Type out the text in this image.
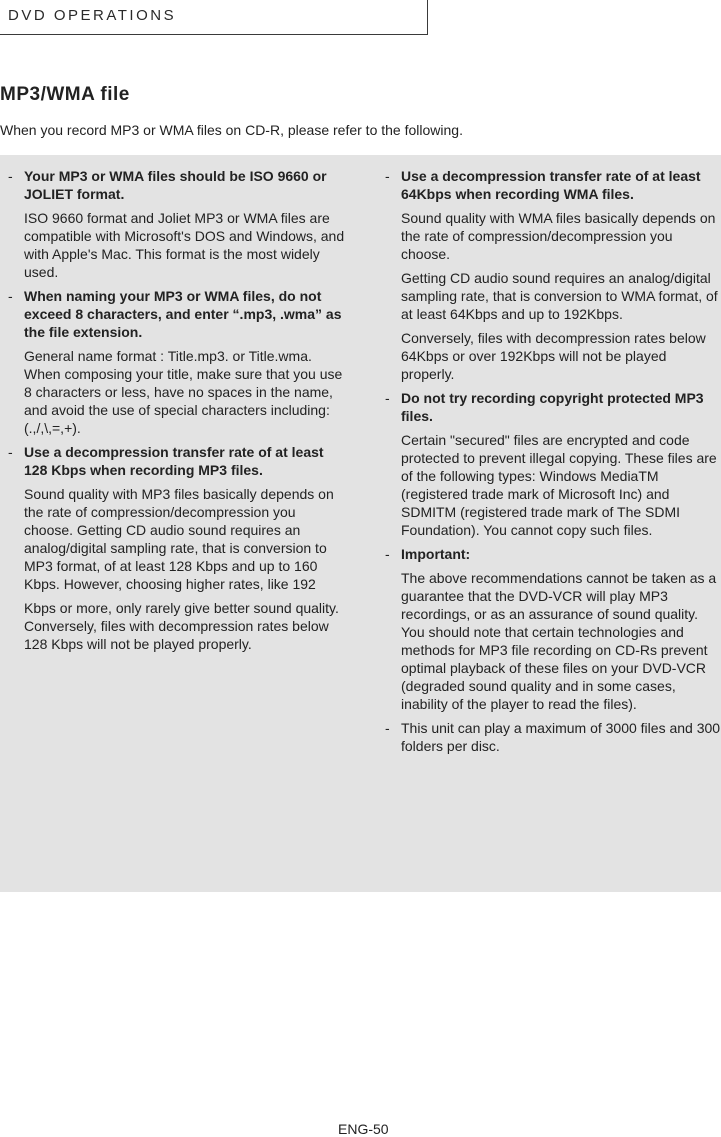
DVD OPERATIONS
MP3/WMA file
When you record MP3 or WMA files on CD-R, please refer to the following.
- Your MP3 or WMA files should be ISO 9660 or JOLIET format.
ISO 9660 format and Joliet MP3 or WMA files are compatible with Microsoft's DOS and Windows, and with Apple's Mac. This format is the most widely used.
- When naming your MP3 or WMA files, do not exceed 8 characters, and enter “.mp3, .wma” as the file extension.
General name format : Title.mp3. or Title.wma. When composing your title, make sure that you use 8 characters or less, have no spaces in the name, and avoid the use of special characters including: (.,/,\,=,+).
- Use a decompression transfer rate of at least 128 Kbps when recording MP3 files.
Sound quality with MP3 files basically depends on the rate of compression/decompression you choose. Getting CD audio sound requires an analog/digital sampling rate, that is conversion to MP3 format, of at least 128 Kbps and up to 160 Kbps. However, choosing higher rates, like 192
Kbps or more, only rarely give better sound quality. Conversely, files with decompression rates below 128 Kbps will not be played properly.
- Use a decompression transfer rate of at least 64Kbps when recording WMA files.
Sound quality with WMA files basically depends on the rate of compression/decompression you choose.
Getting CD audio sound requires an analog/digital sampling rate, that is conversion to WMA format, of at least 64Kbps and up to 192Kbps.
Conversely, files with decompression rates below 64Kbps or over 192Kbps will not be played properly.
- Do not try recording copyright protected MP3 files.
Certain "secured" files are encrypted and code protected to prevent illegal copying. These files are of the following types: Windows MediaTM (registered trade mark of Microsoft Inc) and SDMITM (registered trade mark of The SDMI Foundation). You cannot copy such files.
- Important:
The above recommendations cannot be taken as a guarantee that the DVD-VCR will play MP3 recordings, or as an assurance of sound quality. You should note that certain technologies and methods for MP3 file recording on CD-Rs prevent optimal playback of these files on your DVD-VCR (degraded sound quality and in some cases, inability of the player to read the files).
- This unit can play a maximum of 3000 files and 300 folders per disc.
ENG-50
